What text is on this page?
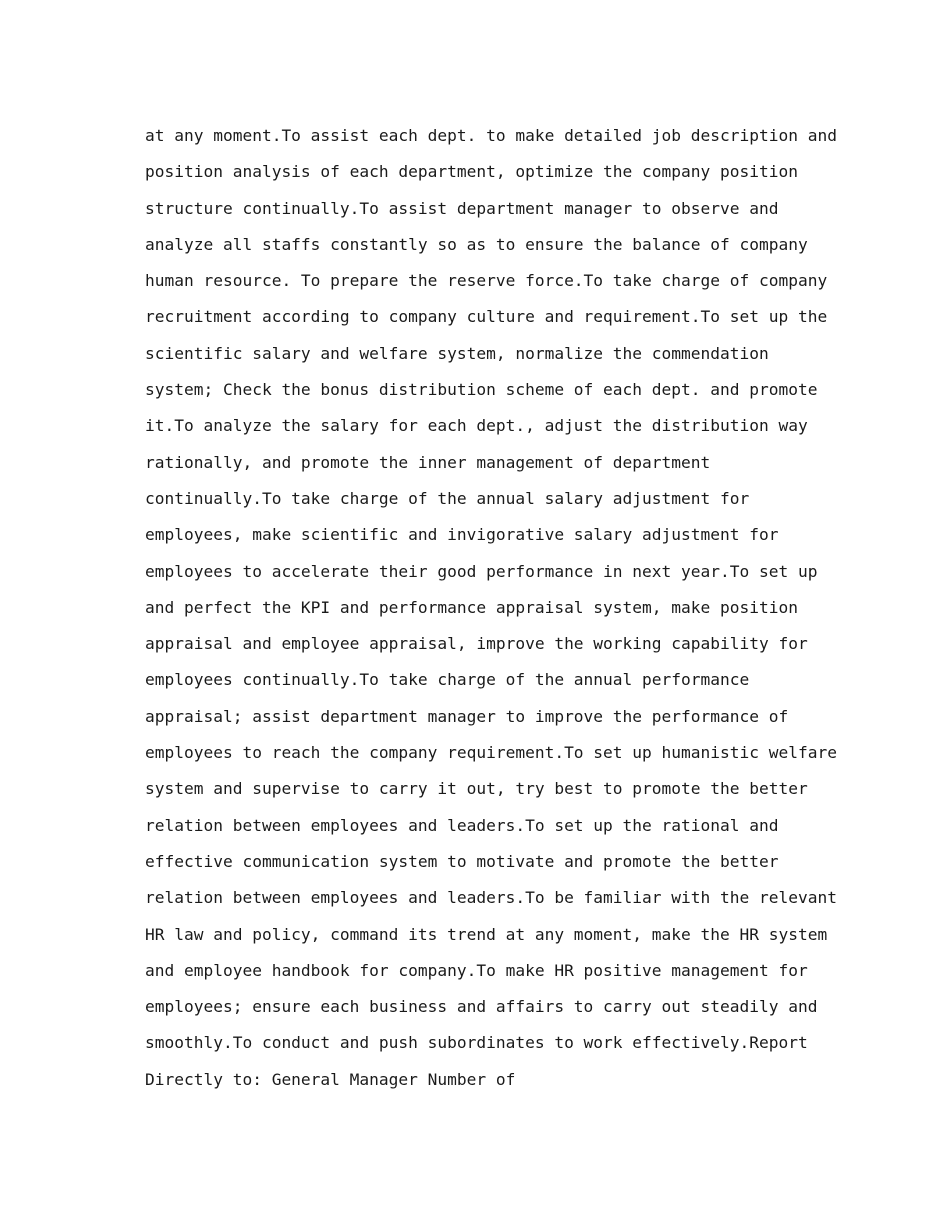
at any moment.To assist each dept. to make detailed job description and
position analysis of each department, optimize the company position
structure continually.To assist department manager to observe and
analyze all staffs constantly so as to ensure the balance of company
human resource. To prepare the reserve force.To take charge of company
recruitment according to company culture and requirement.To set up the
scientific salary and welfare system, normalize the commendation
system; Check the bonus distribution scheme of each dept. and promote
it.To analyze the salary for each dept., adjust the distribution way
rationally, and promote the inner management of department
continually.To take charge of the annual salary adjustment for
employees, make scientific and invigorative salary adjustment for
employees to accelerate their good performance in next year.To set up
and perfect the KPI and performance appraisal system, make position
appraisal and employee appraisal, improve the working capability for
employees continually.To take charge of the annual performance
appraisal; assist department manager to improve the performance of
employees to reach the company requirement.To set up humanistic welfare
system and supervise to carry it out, try best to promote the better
relation between employees and leaders.To set up the rational and
effective communication system to motivate and promote the better
relation between employees and leaders.To be familiar with the relevant
HR law and policy, command its trend at any moment, make the HR system
and employee handbook for company.To make HR positive management for
employees; ensure each business and affairs to carry out steadily and
smoothly.To conduct and push subordinates to work effectively.Report
Directly to: General Manager Number of
